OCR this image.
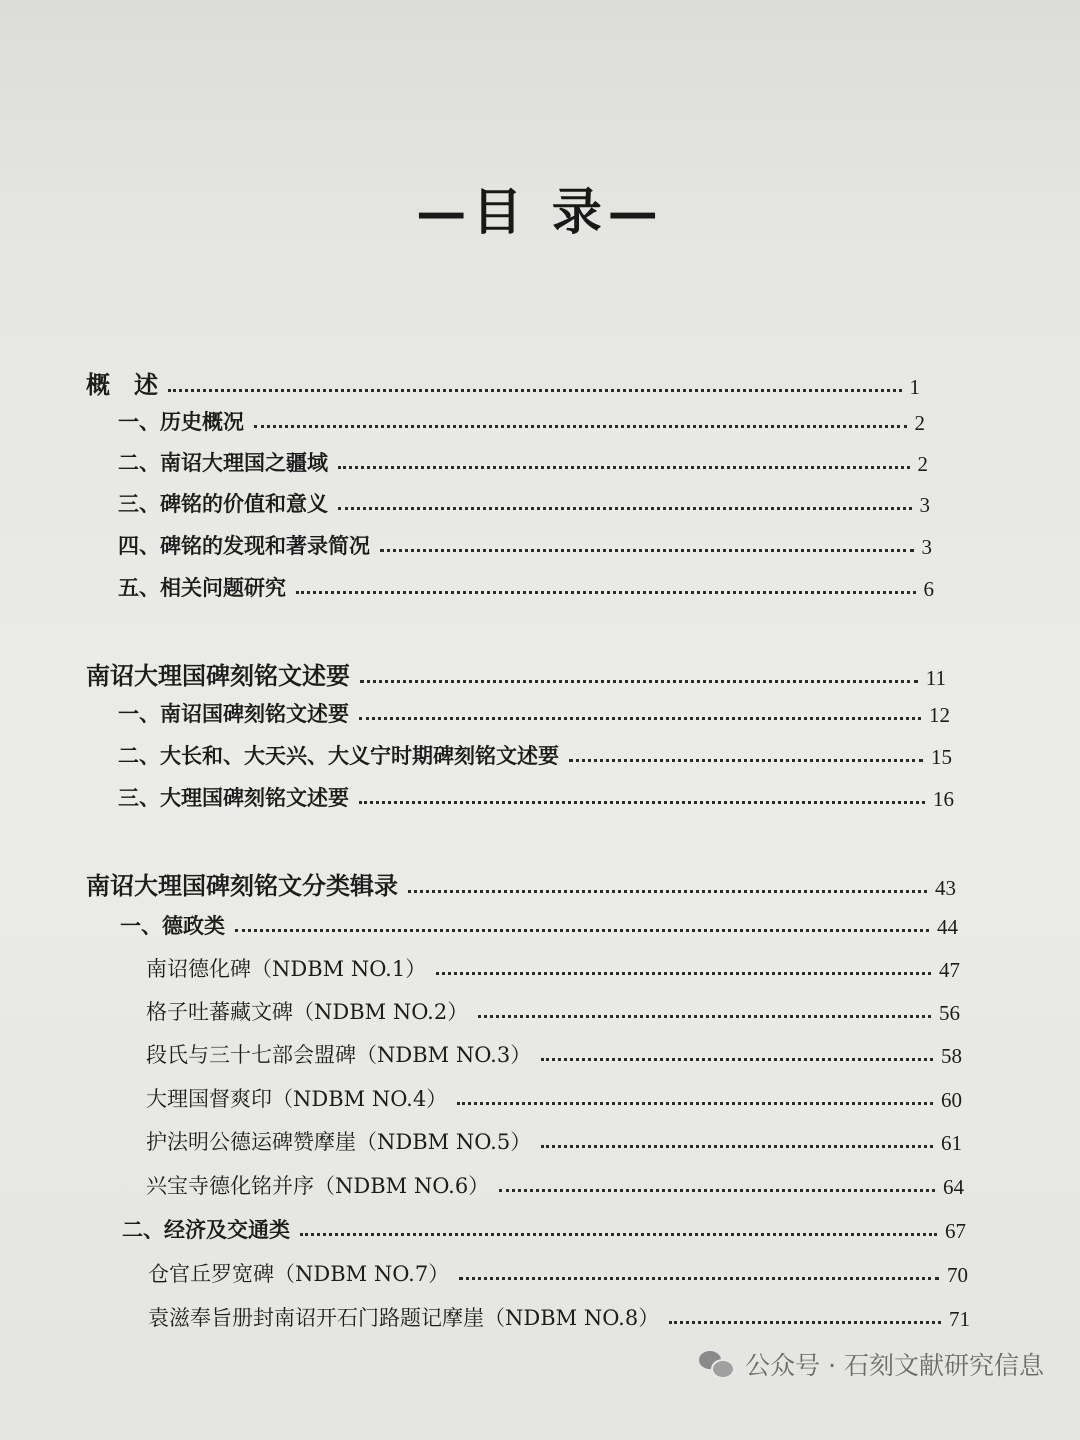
—目 录—
概　述	1
一、历史概况	2
二、南诏大理国之疆域	2
三、碑铭的价值和意义	3
四、碑铭的发现和著录简况	3
五、相关问题研究	6
南诏大理国碑刻铭文述要	11
一、南诏国碑刻铭文述要	12
二、大长和、大天兴、大义宁时期碑刻铭文述要	15
三、大理国碑刻铭文述要	16
南诏大理国碑刻铭文分类辑录	43
一、德政类	44
南诏德化碑（NDBM NO.1）	47
格子吐蕃藏文碑（NDBM NO.2）	56
段氏与三十七部会盟碑（NDBM NO.3）	58
大理国督爽印（NDBM NO.4）	60
护法明公德运碑赞摩崖（NDBM NO.5）	61
兴宝寺德化铭并序（NDBM NO.6）	64
二、经济及交通类	67
仓官丘罗宽碑（NDBM NO.7）	70
袁滋奉旨册封南诏开石门路题记摩崖（NDBM NO.8）	71
公众号 · 石刻文献研究信息
